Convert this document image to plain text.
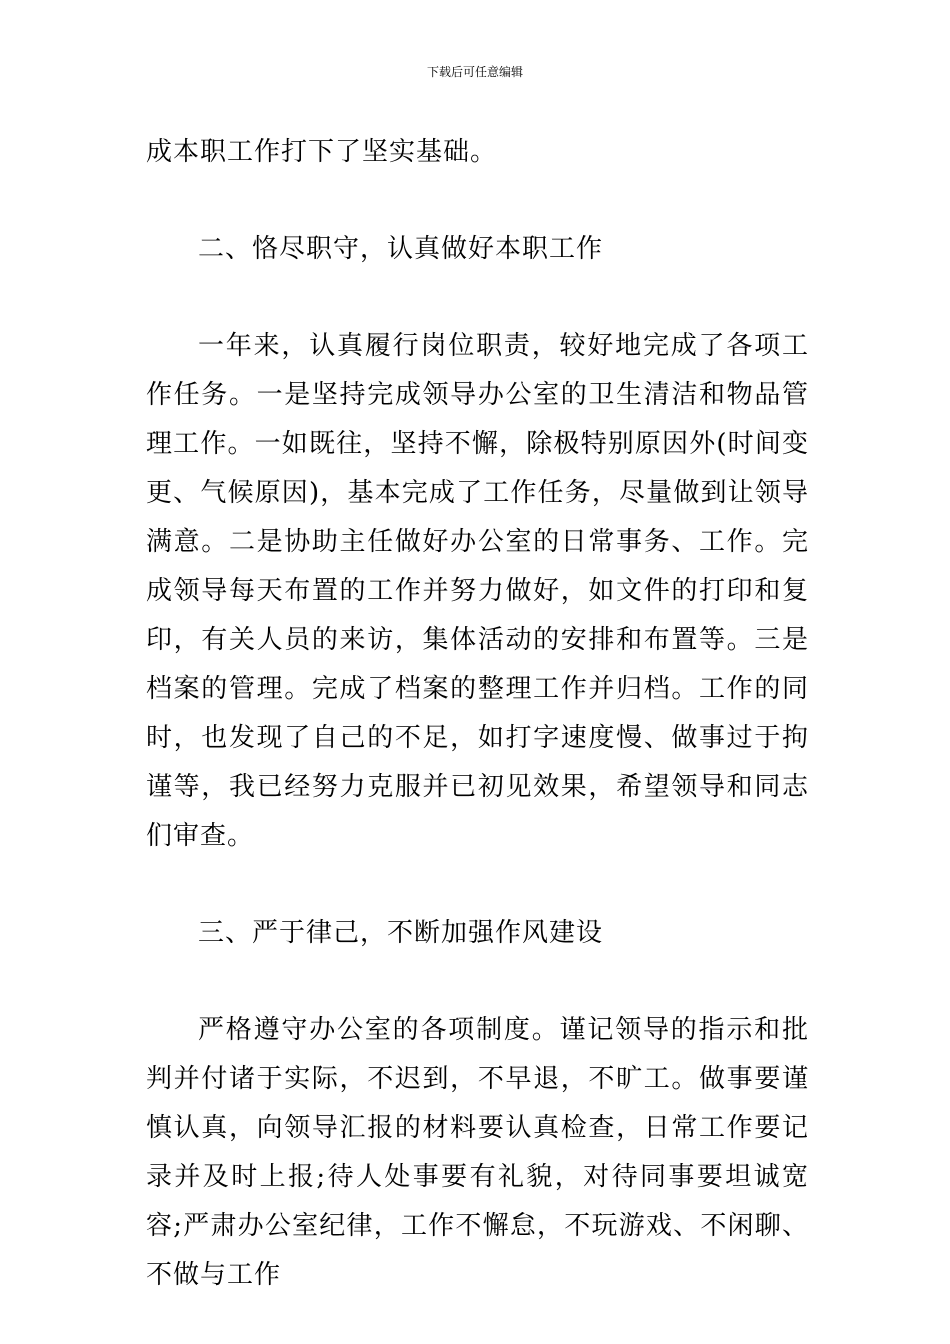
下载后可任意编辑

成本职工作打下了坚实基础。

二、恪尽职守，认真做好本职工作

一年来，认真履行岗位职责，较好地完成了各项工作任务。一是坚持完成领导办公室的卫生清洁和物品管理工作。一如既往，坚持不懈，除极特别原因外(时间变更、气候原因)，基本完成了工作任务，尽量做到让领导满意。二是协助主任做好办公室的日常事务、工作。完成领导每天布置的工作并努力做好，如文件的打印和复印，有关人员的来访，集体活动的安排和布置等。三是档案的管理。完成了档案的整理工作并归档。工作的同时，也发现了自己的不足，如打字速度慢、做事过于拘谨等，我已经努力克服并已初见效果，希望领导和同志们审查。

三、严于律己，不断加强作风建设

严格遵守办公室的各项制度。谨记领导的指示和批判并付诸于实际，不迟到，不早退，不旷工。做事要谨慎认真，向领导汇报的材料要认真检查，日常工作要记录并及时上报;待人处事要有礼貌，对待同事要坦诚宽容;严肃办公室纪律，工作不懈怠，不玩游戏、不闲聊、不做与工作
